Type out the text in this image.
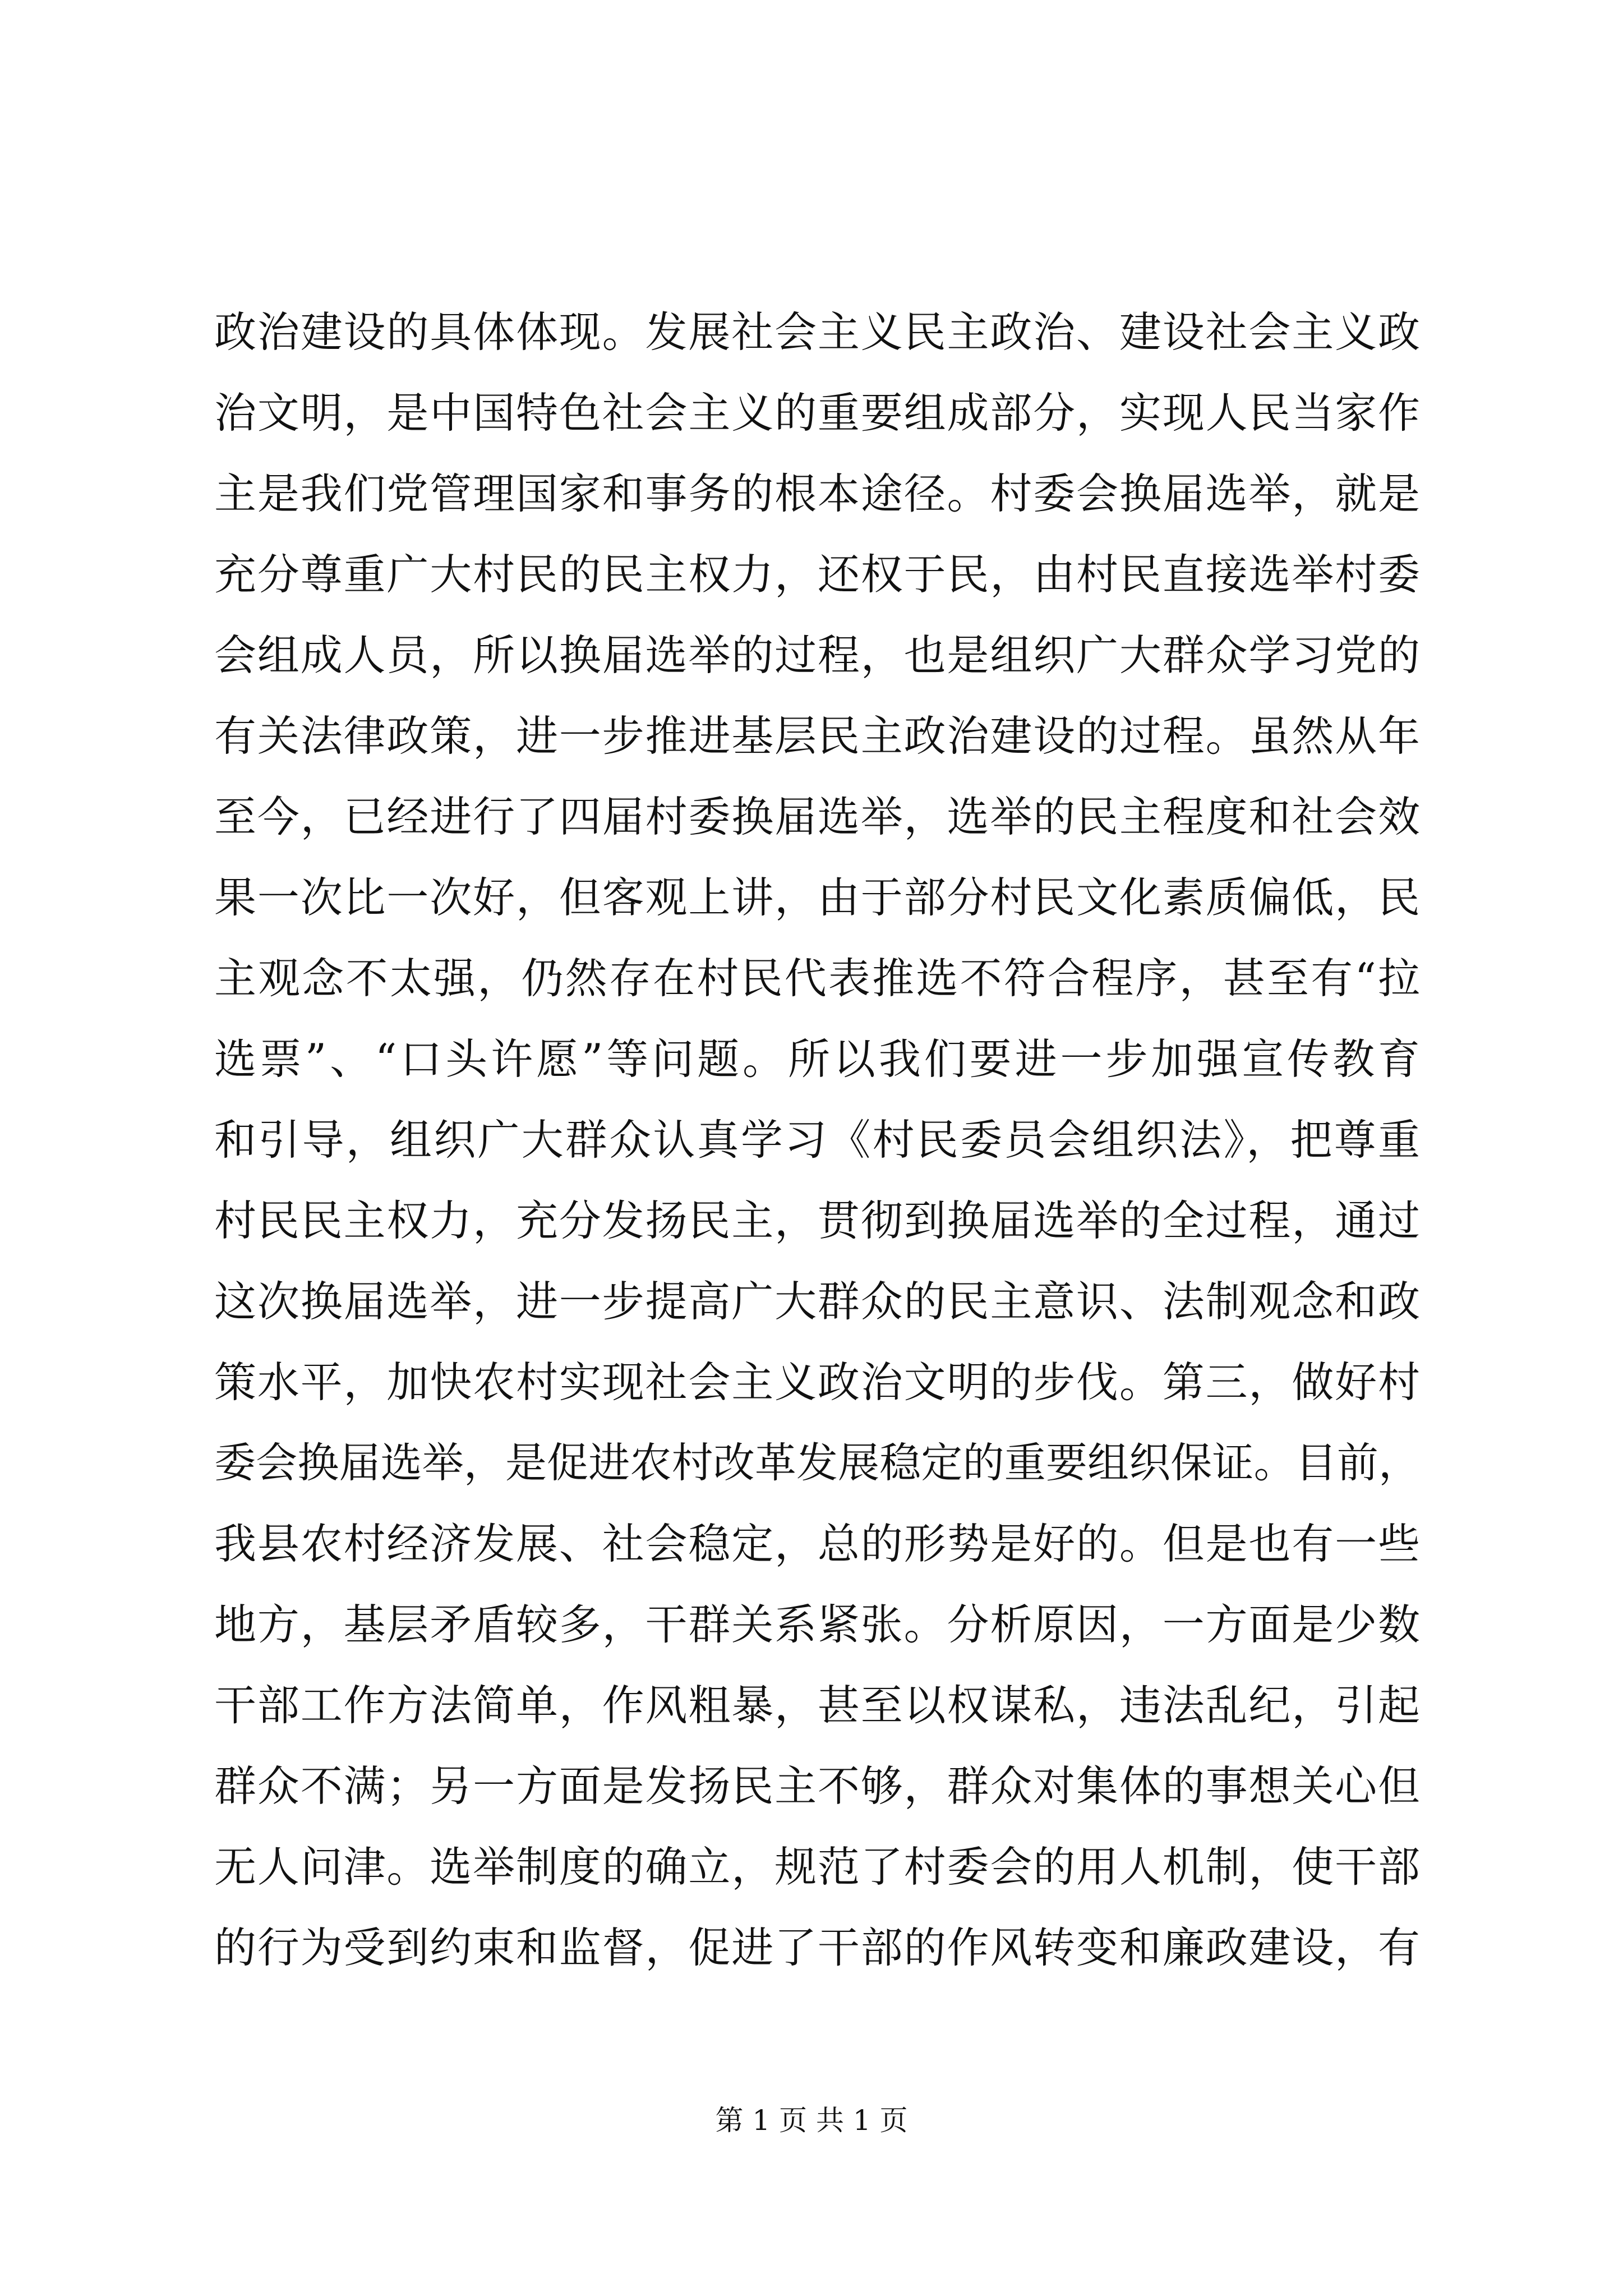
政治建设的具体体现。发展社会主义民主政治、建设社会主义政
治文明，是中国特色社会主义的重要组成部分，实现人民当家作
主是我们党管理国家和事务的根本途径。村委会换届选举，就是
充分尊重广大村民的民主权力，还权于民，由村民直接选举村委
会组成人员，所以换届选举的过程，也是组织广大群众学习党的
有关法律政策，进一步推进基层民主政治建设的过程。虽然从年
至今，已经进行了四届村委换届选举，选举的民主程度和社会效
果一次比一次好，但客观上讲，由于部分村民文化素质偏低，民
主观念不太强，仍然存在村民代表推选不符合程序，甚至有“拉
选票”、“口头许愿”等问题。所以我们要进一步加强宣传教育
和引导，组织广大群众认真学习《村民委员会组织法》，把尊重
村民民主权力，充分发扬民主，贯彻到换届选举的全过程，通过
这次换届选举，进一步提高广大群众的民主意识、法制观念和政
策水平，加快农村实现社会主义政治文明的步伐。第三，做好村
委会换届选举，是促进农村改革发展稳定的重要组织保证。目前，
我县农村经济发展、社会稳定，总的形势是好的。但是也有一些
地方，基层矛盾较多，干群关系紧张。分析原因，一方面是少数
干部工作方法简单，作风粗暴，甚至以权谋私，违法乱纪，引起
群众不满；另一方面是发扬民主不够，群众对集体的事想关心但
无人问津。选举制度的确立，规范了村委会的用人机制，使干部
的行为受到约束和监督，促进了干部的作风转变和廉政建设，有
第 1 页 共 1 页
